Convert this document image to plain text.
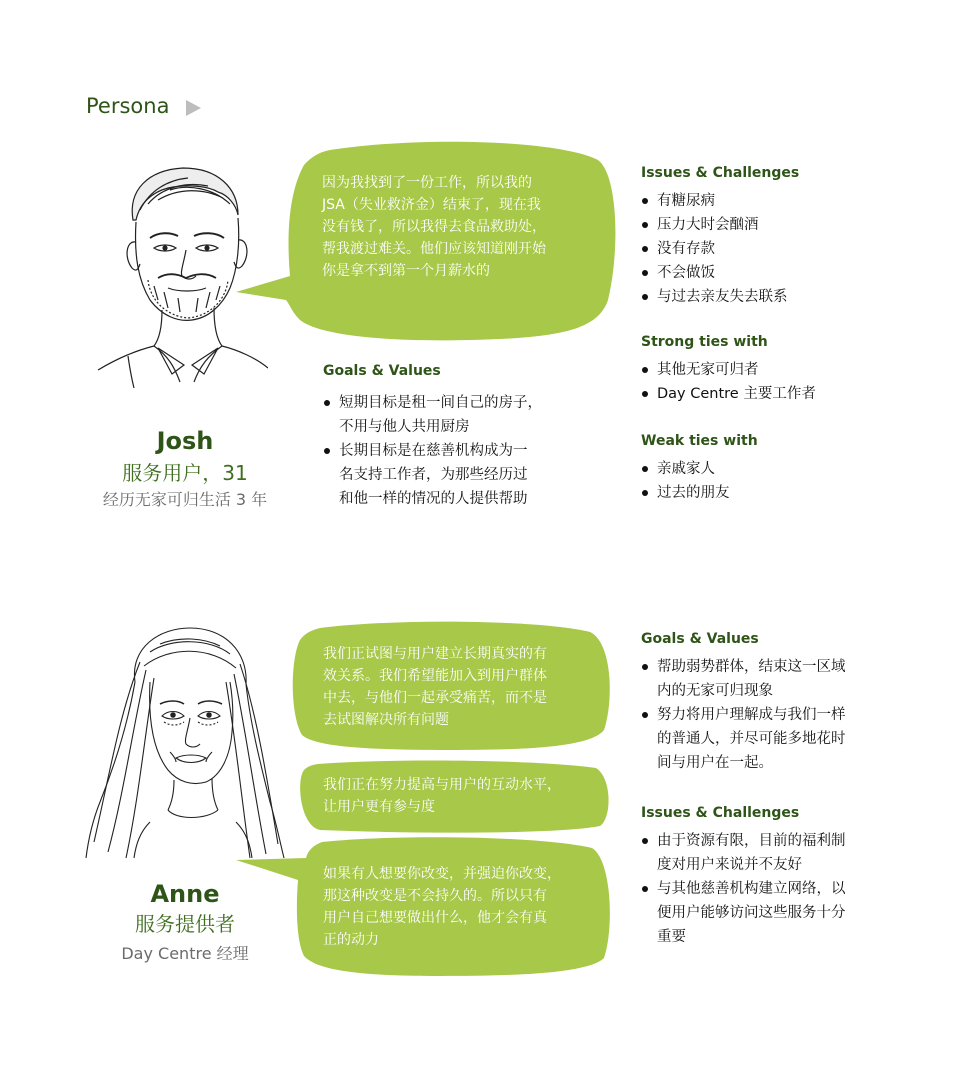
Persona

因为我找到了一份工作，所以我的

JSA（失业救济金）结束了，现在我

没有钱了，所以我得去食品救助处，

帮我渡过难关。他们应该知道刚开始

你是拿不到第一个月薪水的

Josh
服务用户，31
经历无家可归生活 3 年

Goals & Values

短期目标是租一间自己的房子，
不用与他人共用厨房
长期目标是在慈善机构成为一
名支持工作者，为那些经历过
和他一样的情况的人提供帮助

Issues & Challenges

有糖尿病
压力大时会酗酒
没有存款
不会做饭
与过去亲友失去联系

Strong ties with

其他无家可归者
Day Centre 主要工作者

Weak ties with

亲戚家人
过去的朋友
Anne
服务提供者
Day Centre 经理

我们正试图与用户建立长期真实的有

效关系。我们希望能加入到用户群体

中去，与他们一起承受痛苦，而不是

去试图解决所有问题

我们正在努力提高与用户的互动水平，

让用户更有参与度

如果有人想要你改变，并强迫你改变，

那这种改变是不会持久的。所以只有

用户自己想要做出什么，他才会有真

正的动力

Goals & Values

帮助弱势群体，结束这一区域
内的无家可归现象
努力将用户理解成与我们一样
的普通人，并尽可能多地花时
间与用户在一起。

Issues & Challenges

由于资源有限，目前的福利制
度对用户来说并不友好
与其他慈善机构建立网络，以
便用户能够访问这些服务十分
重要
